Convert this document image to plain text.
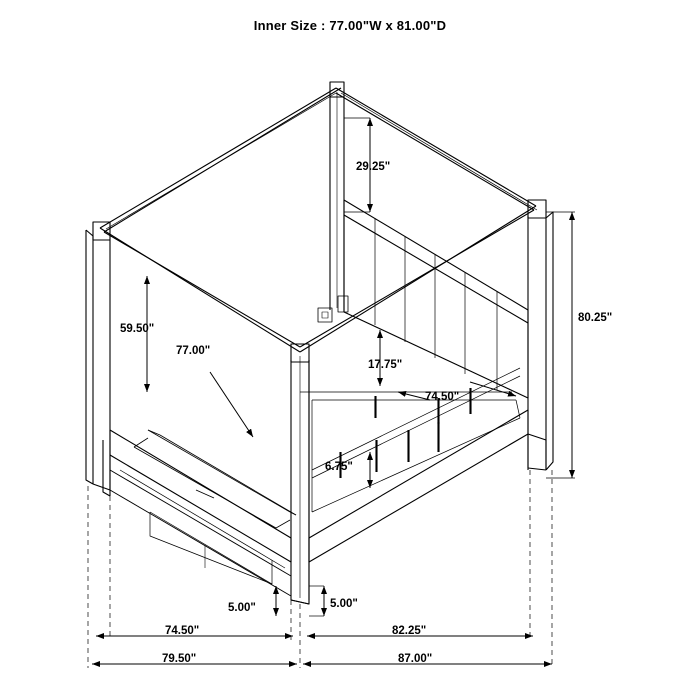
Inner Size : 77.00"W x 81.00"D
29.25"
59.50"
77.00"
17.75"
74.50"
6.75"
80.25"
5.00"	5.00"
74.50"	82.25"
79.50"	87.00"
